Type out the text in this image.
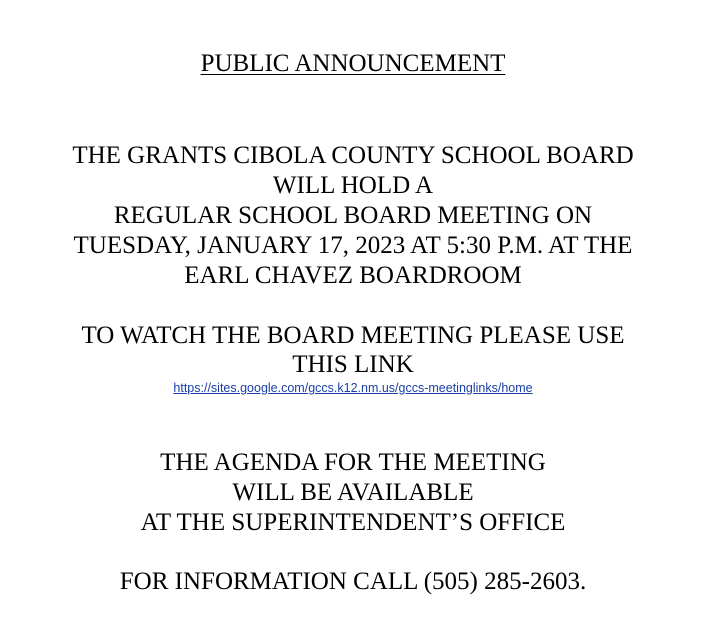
PUBLIC ANNOUNCEMENT
THE GRANTS CIBOLA COUNTY SCHOOL BOARD
WILL HOLD A
REGULAR SCHOOL BOARD MEETING ON
TUESDAY, JANUARY 17, 2023 AT 5:30 P.M. AT THE
EARL CHAVEZ BOARDROOM
TO WATCH THE BOARD MEETING PLEASE USE
THIS LINK
https://sites.google.com/gccs.k12.nm.us/gccs-meetinglinks/home
THE AGENDA FOR THE MEETING
WILL BE AVAILABLE
AT THE SUPERINTENDENT’S OFFICE
FOR INFORMATION CALL (505) 285-2603.
